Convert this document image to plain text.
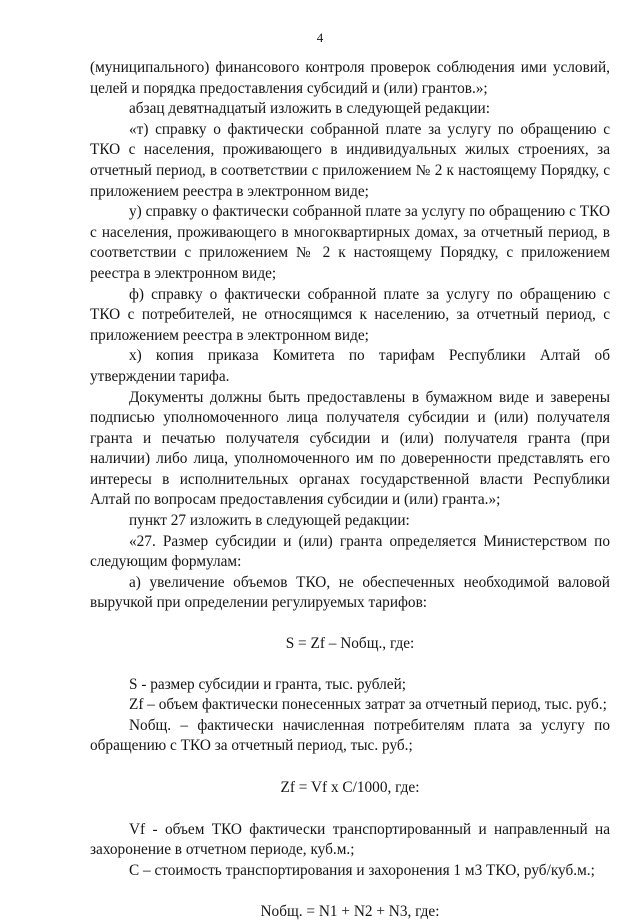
4

(муниципального) финансового контроля проверок соблюдения ими условий, целей и порядка предоставления субсидий и (или) грантов.»;

абзац девятнадцатый изложить в следующей редакции:

«т) справку о фактически собранной плате за услугу по обращению с ТКО с населения, проживающего в индивидуальных жилых строениях, за отчетный период, в соответствии с приложением № 2 к настоящему Порядку, с приложением реестра в электронном виде;

у) справку о фактически собранной плате за услугу по обращению с ТКО с населения, проживающего в многоквартирных домах, за отчетный период, в соответствии с приложением № 2 к настоящему Порядку, с приложением реестра в электронном виде;

ф) справку о фактически собранной плате за услугу по обращению с ТКО с потребителей, не относящимся к населению, за отчетный период, с приложением реестра в электронном виде;

х) копия приказа Комитета по тарифам Республики Алтай об утверждении тарифа.

Документы должны быть предоставлены в бумажном виде и заверены подписью уполномоченного лица получателя субсидии и (или) получателя гранта и печатью получателя субсидии и (или) получателя гранта (при наличии) либо лица, уполномоченного им по доверенности представлять его интересы в исполнительных органах государственной власти Республики Алтай по вопросам предоставления субсидии и (или) гранта.»;

пункт 27 изложить в следующей редакции:

«27. Размер субсидии и (или) гранта определяется Министерством по следующим формулам:

а) увеличение объемов ТКО, не обеспеченных необходимой валовой выручкой при определении регулируемых тарифов:

S = Zf – Nобщ., где:

S - размер субсидии и гранта, тыс. рублей;

Zf – объем фактически понесенных затрат за отчетный период, тыс. руб.;

Nобщ. – фактически начисленная потребителям плата за услугу по обращению с ТКО за отчетный период, тыс. руб.;

Zf = Vf x C/1000, где:

Vf - объем ТКО фактически транспортированный и направленный на захоронение в отчетном периоде, куб.м.;

C – стоимость транспортирования и захоронения 1 м3 ТКО, руб/куб.м.;

Nобщ. = N1 + N2 + N3, где:
